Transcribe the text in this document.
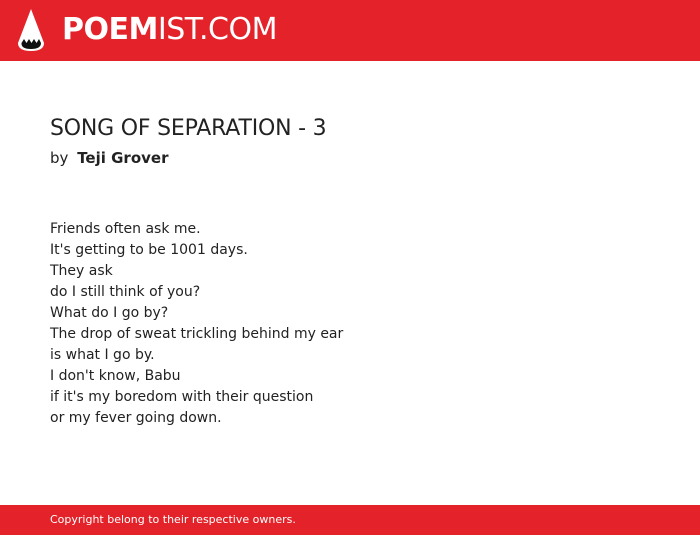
POEMIST.COM
SONG OF SEPARATION - 3
by Teji Grover
Friends often ask me.
It's getting to be 1001 days.
They ask
do I still think of you?
What do I go by?
The drop of sweat trickling behind my ear
is what I go by.
I don't know, Babu
if it's my boredom with their question
or my fever going down.
Copyright belong to their respective owners.
